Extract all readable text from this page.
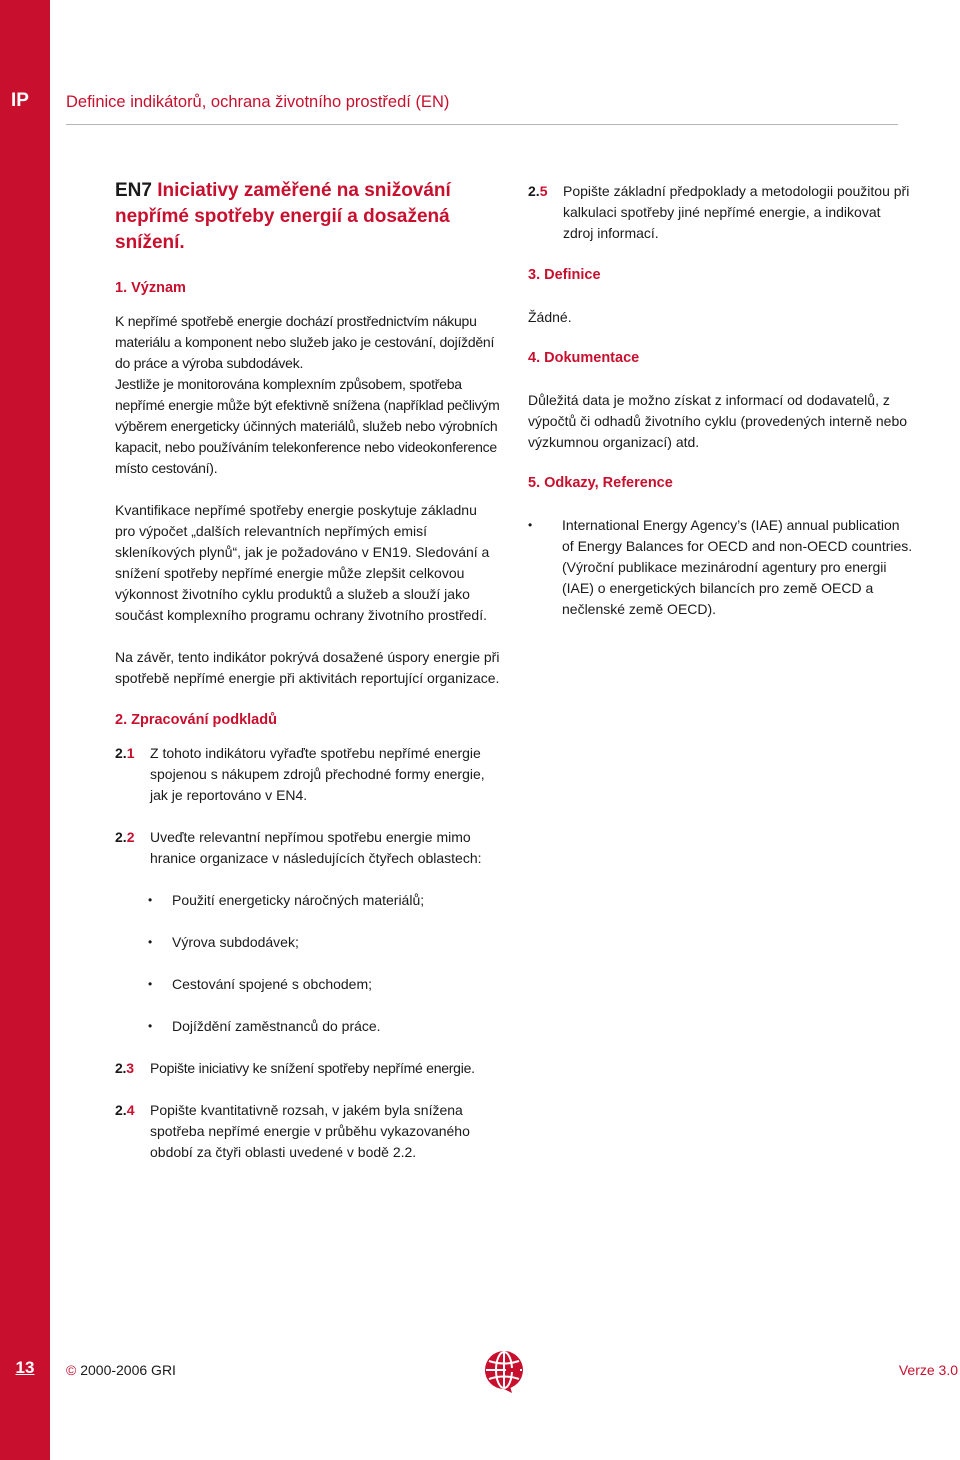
IP Definice indikátorů, ochrana životního prostředí (EN)

EN7 Iniciativy zaměřené na snižování nepřímé spotřeby energií a dosažená snížení.

1. Význam

K nepřímé spotřebě energie dochází prostřednictvím nákupu materiálu a komponent nebo služeb jako je cestování, dojíždění do práce a výroba subdodávek.

Jestliže je monitorována komplexním způsobem, spotřeba nepřímé energie může být efektivně snížena (například pečlivým výběrem energeticky účinných materiálů, služeb nebo výrobních kapacit, nebo používáním telekonference nebo videokonference místo cestování).

Kvantifikace nepřímé spotřeby energie poskytuje základnu pro výpočet „dalších relevantních nepřímých emisí skleníkových plynů“, jak je požadováno v EN19. Sledování a snížení spotřeby nepřímé energie může zlepšit celkovou výkonnost životního cyklu produktů a služeb a slouží jako součást komplexního programu ochrany životního prostředí.

Na závěr, tento indikátor pokrývá dosažené úspory energie při spotřebě nepřímé energie při aktivitách reportující organizace.

2. Zpracování podkladů

2.1	Z tohoto indikátoru vyřaďte spotřebu nepřímé energie spojenou s nákupem zdrojů přechodné formy energie, jak je reportováno v EN4.
2.2	Uveďte relevantní nepřímou spotřebu energie mimo hranice organizace v následujících čtyřech oblastech:
• Použití energeticky náročných materiálů;
• Výrova subdodávek;
• Cestování spojené s obchodem;
• Dojíždění zaměstnanců do práce.
2.3	Popište iniciativy ke snížení spotřeby nepřímé energie.
2.4	Popište kvantitativně rozsah, v jakém byla snížena spotřeba nepřímé energie v průběhu vykazovaného období za čtyři oblasti uvedené v bodě 2.2.
2.5	Popište základní předpoklady a metodologii použitou při kalkulaci spotřeby jiné nepřímé energie, a indikovat zdroj informací.

3. Definice

Žádné.

4. Dokumentace

Důležitá data je možno získat z informací od dodavatelů, z výpočtů či odhadů životního cyklu (provedených interně nebo výzkumnou organizací) atd.

5. Odkazy, Reference

• International Energy Agency’s (IAE) annual publication of Energy Balances for OECD and non-OECD countries. (Výroční publikace mezinárodní agentury pro energii (IAE) o energetických bilancích pro země OECD a nečlenské země OECD).
13	© 2000-2006 GRI	Verze 3.0
